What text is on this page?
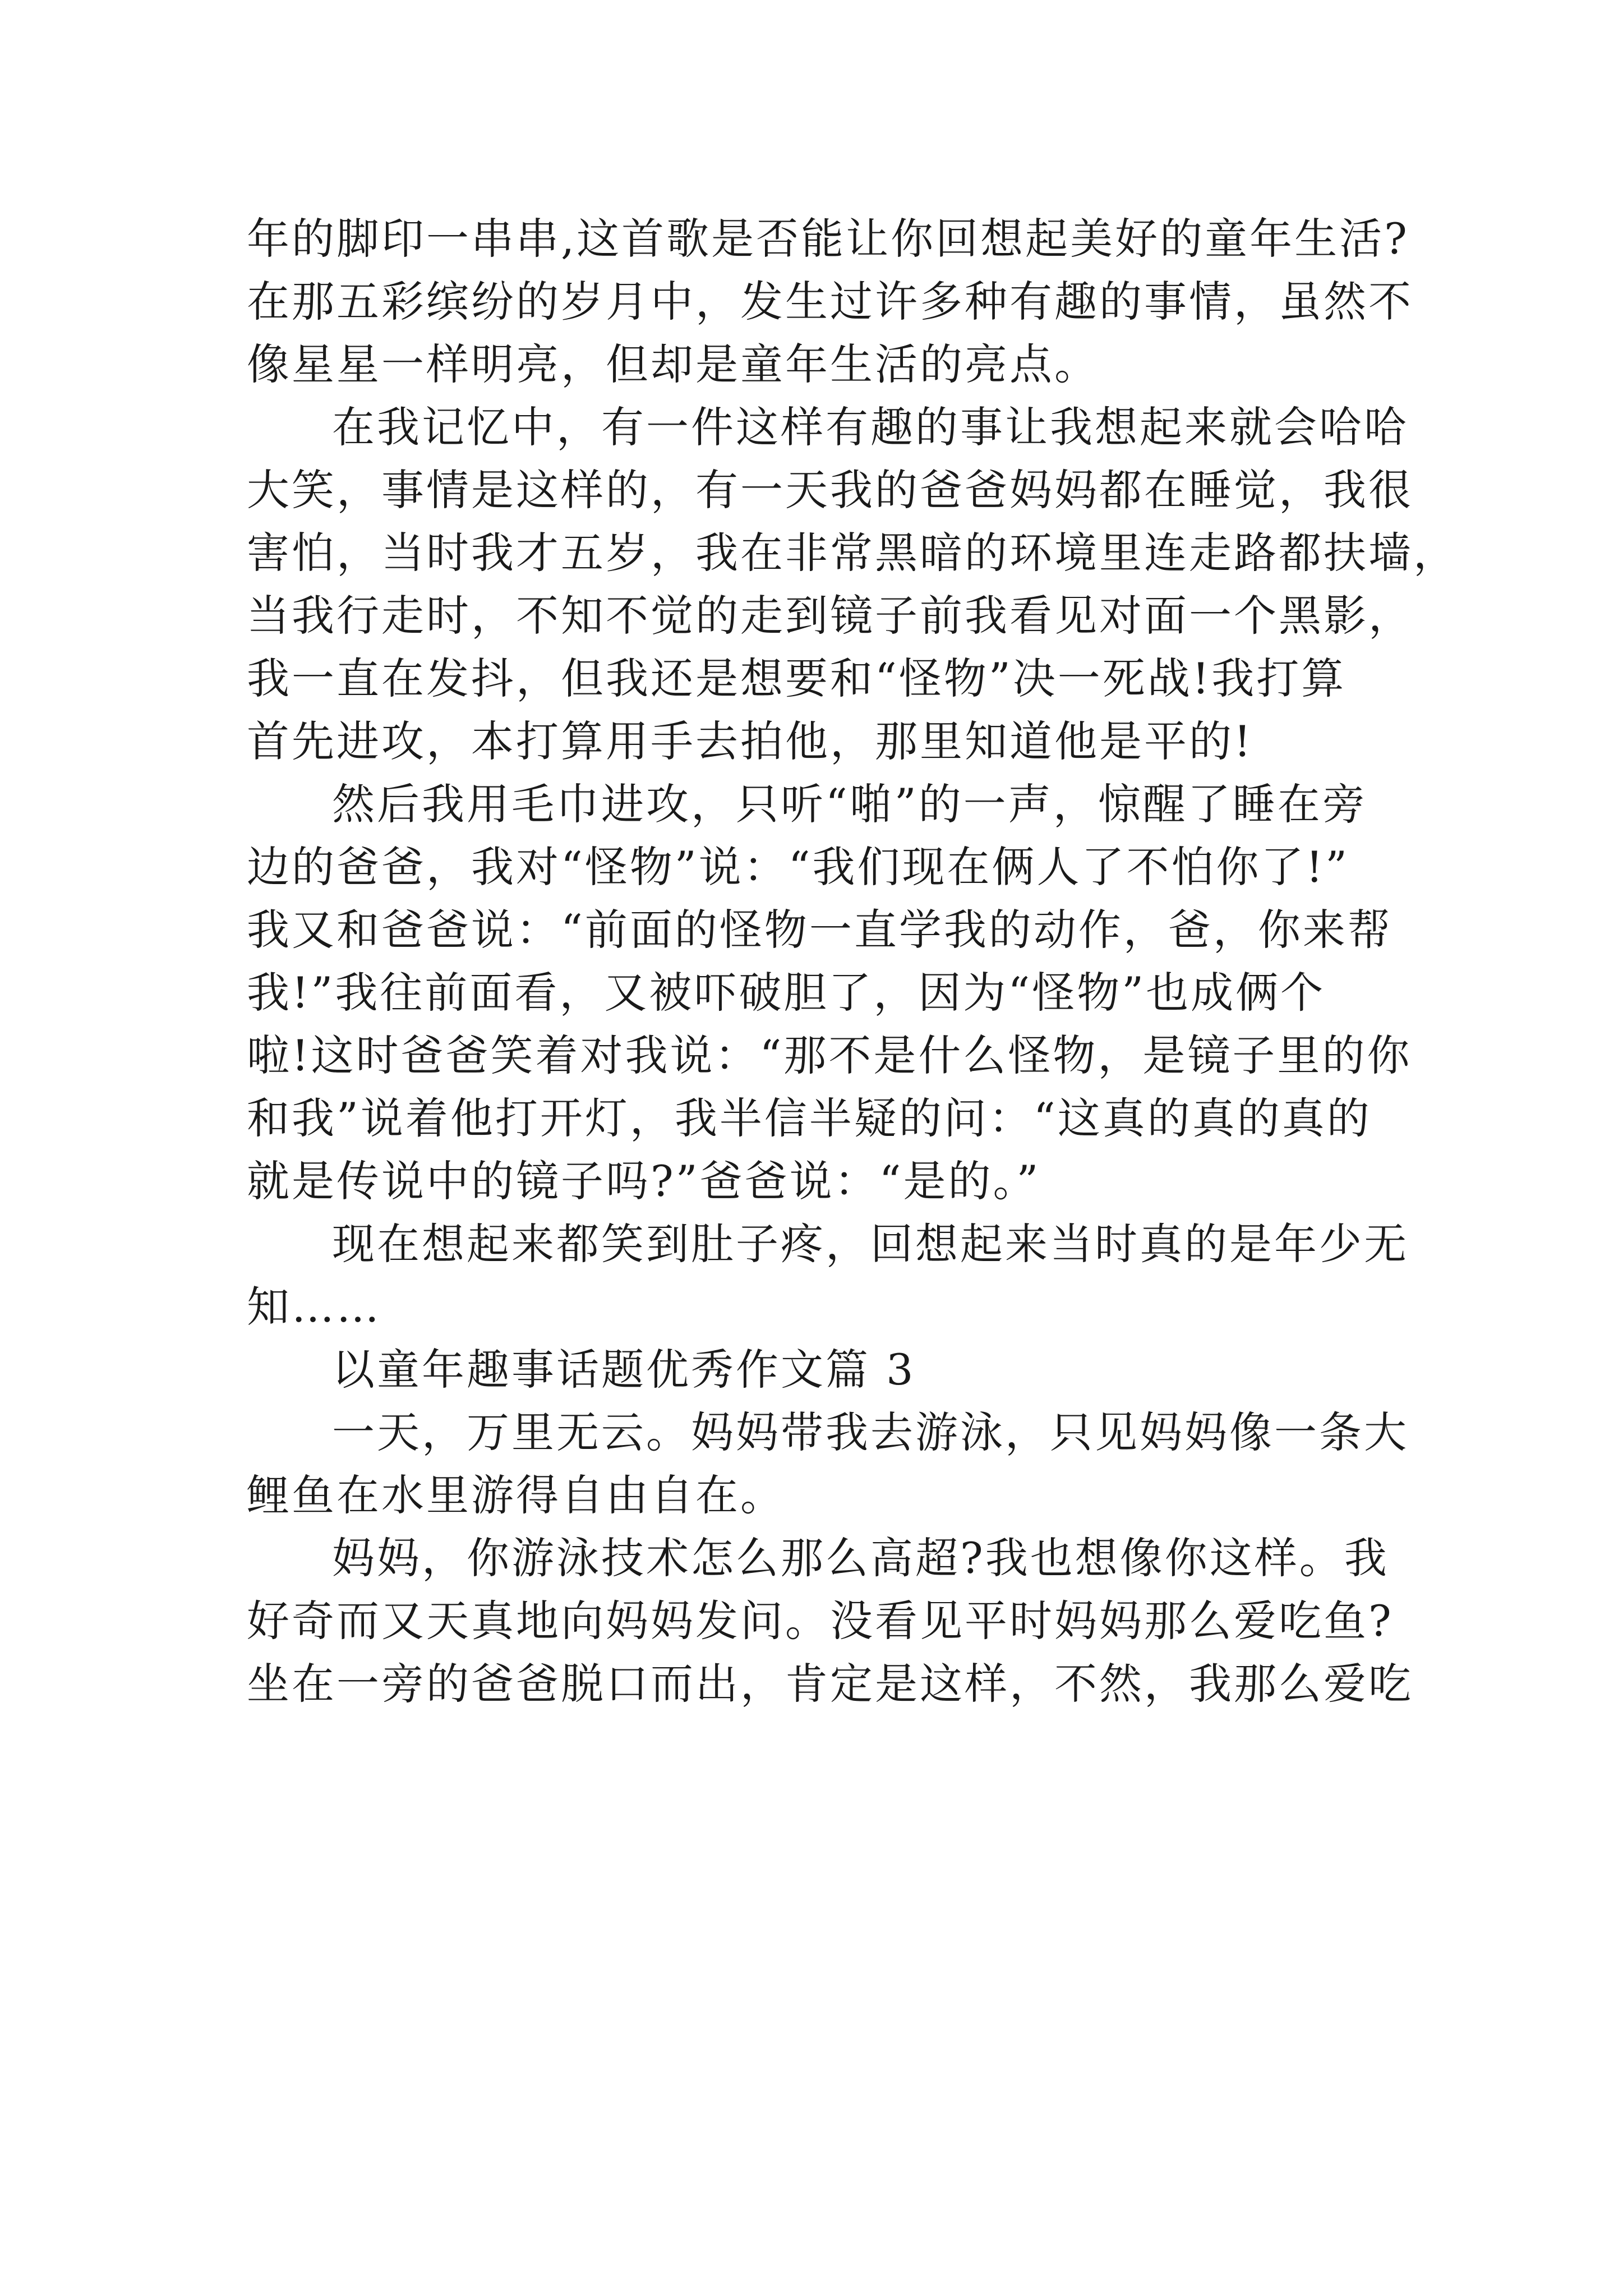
年的脚印一串串,这首歌是否能让你回想起美好的童年生活?
在那五彩缤纷的岁月中，发生过许多种有趣的事情，虽然不
像星星一样明亮，但却是童年生活的亮点。
在我记忆中，有一件这样有趣的事让我想起来就会哈哈
大笑，事情是这样的，有一天我的爸爸妈妈都在睡觉，我很
害怕，当时我才五岁，我在非常黑暗的环境里连走路都扶墙，
当我行走时，不知不觉的走到镜子前我看见对面一个黑影，
我一直在发抖，但我还是想要和“怪物”决一死战!我打算
首先进攻，本打算用手去拍他，那里知道他是平的!
然后我用毛巾进攻，只听“啪”的一声，惊醒了睡在旁
边的爸爸，我对“怪物”说：“我们现在俩人了不怕你了!”
我又和爸爸说：“前面的怪物一直学我的动作，爸，你来帮
我!”我往前面看，又被吓破胆了，因为“怪物”也成俩个
啦!这时爸爸笑着对我说：“那不是什么怪物，是镜子里的你
和我”说着他打开灯，我半信半疑的问：“这真的真的真的
就是传说中的镜子吗?”爸爸说：“是的。”
现在想起来都笑到肚子疼，回想起来当时真的是年少无
知……
以童年趣事话题优秀作文篇 3
一天，万里无云。妈妈带我去游泳，只见妈妈像一条大
鲤鱼在水里游得自由自在。
妈妈，你游泳技术怎么那么高超?我也想像你这样。我
好奇而又天真地向妈妈发问。没看见平时妈妈那么爱吃鱼?
坐在一旁的爸爸脱口而出，肯定是这样，不然，我那么爱吃
